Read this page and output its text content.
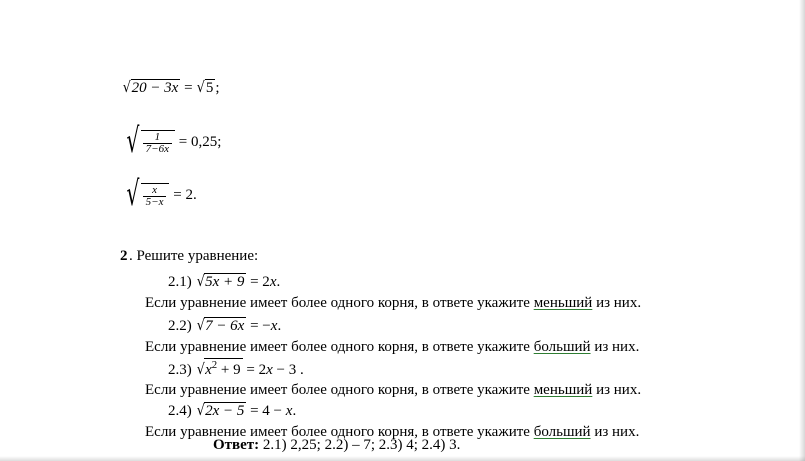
√20 − 3x = √5 ;
√ $\frac{1}{7-6x} = 0,25$;
√ $\frac{x}{5-x} = 2$.
2 . Решите уравнение:
2.1) √5x + 9 = 2x.
Если уравнение имеет более одного корня, в ответе укажите меньший из них.
2.2) √7 − 6x = −x.
Если уравнение имеет более одного корня, в ответе укажите больший из них.
2.3) $√x^2 + 9 = 2x - 3$ .
Если уравнение имеет более одного корня, в ответе укажите меньший из них.
2.4) √2x − 5 = 4 − x.
Если уравнение имеет более одного корня, в ответе укажите больший из них.
Ответ: 2.1) 2,25; 2.2) – 7; 2.3) 4; 2.4) 3.
